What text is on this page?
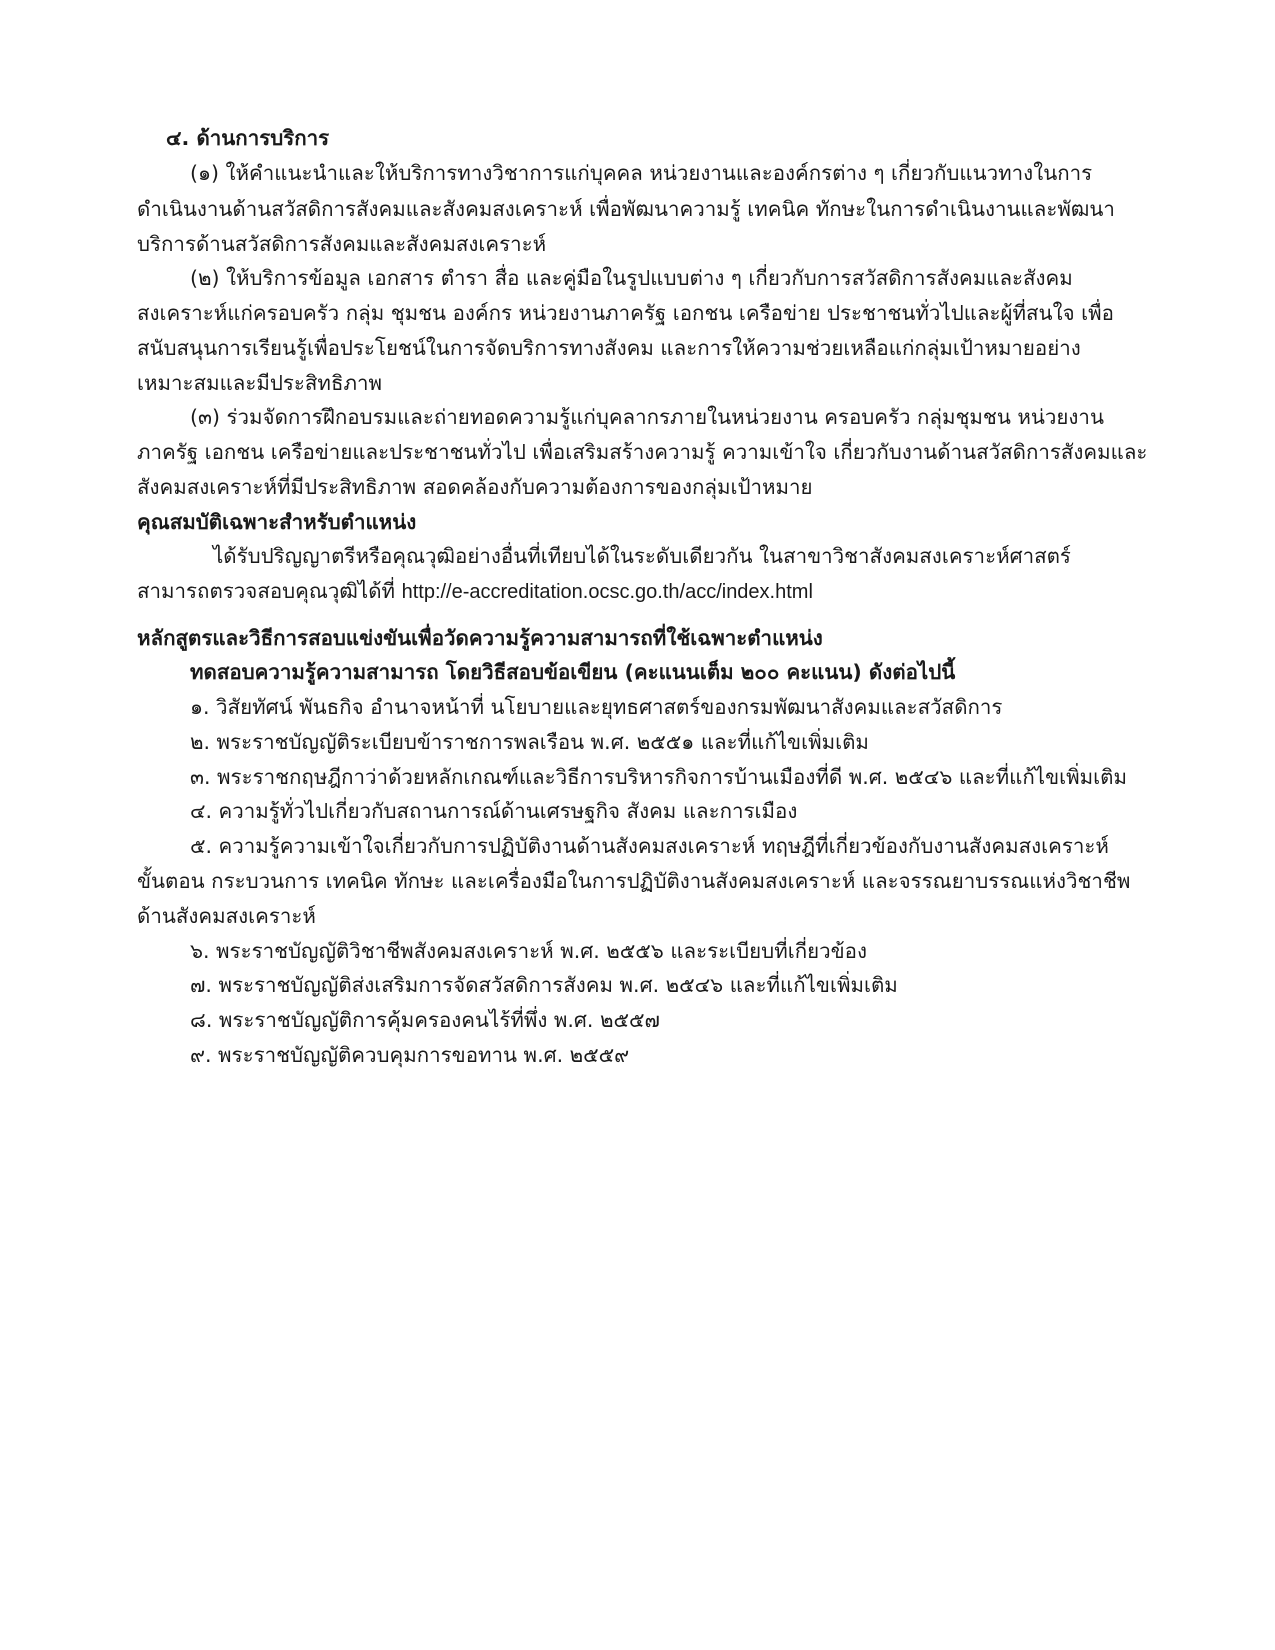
๔. ด้านการบริการ
(๑) ให้คำแนะนำและให้บริการทางวิชาการแก่บุคคล หน่วยงานและองค์กรต่าง ๆ เกี่ยวกับแนวทางในการ
ดำเนินงานด้านสวัสดิการสังคมและสังคมสงเคราะห์ เพื่อพัฒนาความรู้ เทคนิค ทักษะในการดำเนินงานและพัฒนา
บริการด้านสวัสดิการสังคมและสังคมสงเคราะห์
(๒) ให้บริการข้อมูล เอกสาร ตำรา สื่อ และคู่มือในรูปแบบต่าง ๆ เกี่ยวกับการสวัสดิการสังคมและสังคม
สงเคราะห์แก่ครอบครัว กลุ่ม ชุมชน องค์กร หน่วยงานภาครัฐ เอกชน เครือข่าย ประชาชนทั่วไปและผู้ที่สนใจ เพื่อ
สนับสนุนการเรียนรู้เพื่อประโยชน์ในการจัดบริการทางสังคม และการให้ความช่วยเหลือแก่กลุ่มเป้าหมายอย่าง
เหมาะสมและมีประสิทธิภาพ
(๓) ร่วมจัดการฝึกอบรมและถ่ายทอดความรู้แก่บุคลากรภายในหน่วยงาน ครอบครัว กลุ่มชุมชน หน่วยงาน
ภาครัฐ เอกชน เครือข่ายและประชาชนทั่วไป เพื่อเสริมสร้างความรู้ ความเข้าใจ เกี่ยวกับงานด้านสวัสดิการสังคมและ
สังคมสงเคราะห์ที่มีประสิทธิภาพ สอดคล้องกับความต้องการของกลุ่มเป้าหมาย
คุณสมบัติเฉพาะสำหรับตำแหน่ง
ได้รับปริญญาตรีหรือคุณวุฒิอย่างอื่นที่เทียบได้ในระดับเดียวกัน ในสาขาวิชาสังคมสงเคราะห์ศาสตร์
สามารถตรวจสอบคุณวุฒิได้ที่ http://e-accreditation.ocsc.go.th/acc/index.html
หลักสูตรและวิธีการสอบแข่งขันเพื่อวัดความรู้ความสามารถที่ใช้เฉพาะตำแหน่ง
ทดสอบความรู้ความสามารถ โดยวิธีสอบข้อเขียน (คะแนนเต็ม ๒๐๐ คะแนน) ดังต่อไปนี้
๑. วิสัยทัศน์ พันธกิจ อำนาจหน้าที่ นโยบายและยุทธศาสตร์ของกรมพัฒนาสังคมและสวัสดิการ
๒. พระราชบัญญัติระเบียบข้าราชการพลเรือน พ.ศ. ๒๕๕๑ และที่แก้ไขเพิ่มเติม
๓. พระราชกฤษฎีกาว่าด้วยหลักเกณฑ์และวิธีการบริหารกิจการบ้านเมืองที่ดี พ.ศ. ๒๕๔๖ และที่แก้ไขเพิ่มเติม
๔. ความรู้ทั่วไปเกี่ยวกับสถานการณ์ด้านเศรษฐกิจ สังคม และการเมือง
๕. ความรู้ความเข้าใจเกี่ยวกับการปฏิบัติงานด้านสังคมสงเคราะห์ ทฤษฎีที่เกี่ยวข้องกับงานสังคมสงเคราะห์
ขั้นตอน กระบวนการ เทคนิค ทักษะ และเครื่องมือในการปฏิบัติงานสังคมสงเคราะห์ และจรรณยาบรรณแห่งวิชาชีพ
ด้านสังคมสงเคราะห์
๖. พระราชบัญญัติวิชาชีพสังคมสงเคราะห์ พ.ศ. ๒๕๕๖ และระเบียบที่เกี่ยวข้อง
๗. พระราชบัญญัติส่งเสริมการจัดสวัสดิการสังคม พ.ศ. ๒๕๔๖ และที่แก้ไขเพิ่มเติม
๘. พระราชบัญญัติการคุ้มครองคนไร้ที่พึ่ง พ.ศ. ๒๕๕๗
๙. พระราชบัญญัติควบคุมการขอทาน พ.ศ. ๒๕๕๙
